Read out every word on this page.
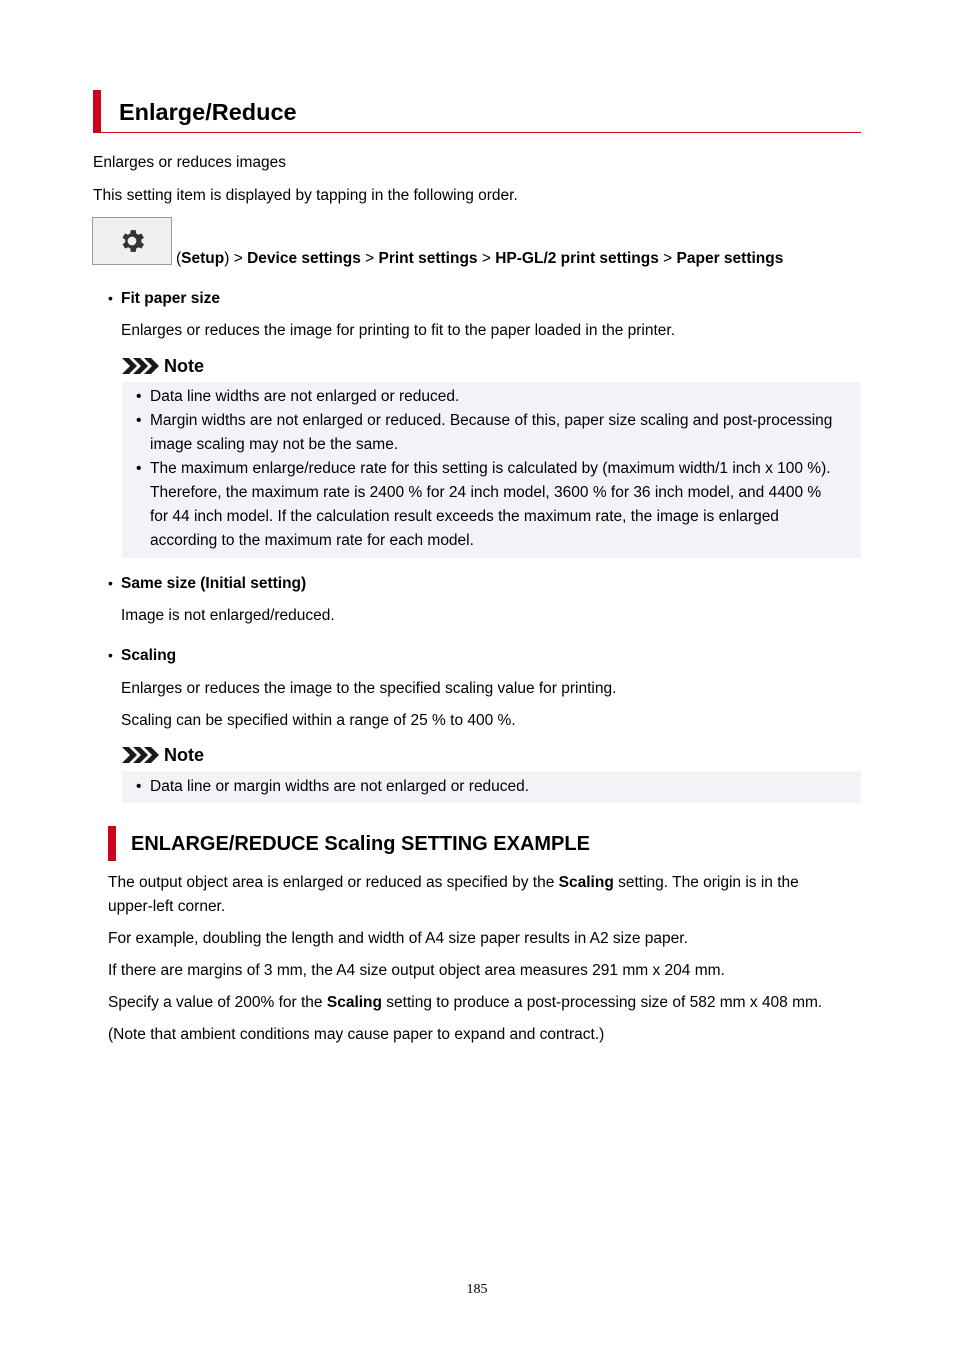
Enlarge/Reduce
Enlarges or reduces images
This setting item is displayed by tapping in the following order.
(Setup) > Device settings > Print settings > HP-GL/2 print settings > Paper settings
• Fit paper size
Enlarges or reduces the image for printing to fit to the paper loaded in the printer.
Note
• Data line widths are not enlarged or reduced.
• Margin widths are not enlarged or reduced. Because of this, paper size scaling and post-processing
image scaling may not be the same.
• The maximum enlarge/reduce rate for this setting is calculated by (maximum width/1 inch x 100 %).
Therefore, the maximum rate is 2400 % for 24 inch model, 3600 % for 36 inch model, and 4400 %
for 44 inch model. If the calculation result exceeds the maximum rate, the image is enlarged
according to the maximum rate for each model.
• Same size (Initial setting)
Image is not enlarged/reduced.
• Scaling
Enlarges or reduces the image to the specified scaling value for printing.
Scaling can be specified within a range of 25 % to 400 %.
Note
• Data line or margin widths are not enlarged or reduced.
ENLARGE/REDUCE Scaling SETTING EXAMPLE
The output object area is enlarged or reduced as specified by the Scaling setting. The origin is in the
upper-left corner.
For example, doubling the length and width of A4 size paper results in A2 size paper.
If there are margins of 3 mm, the A4 size output object area measures 291 mm x 204 mm.
Specify a value of 200% for the Scaling setting to produce a post-processing size of 582 mm x 408 mm.
(Note that ambient conditions may cause paper to expand and contract.)
185
